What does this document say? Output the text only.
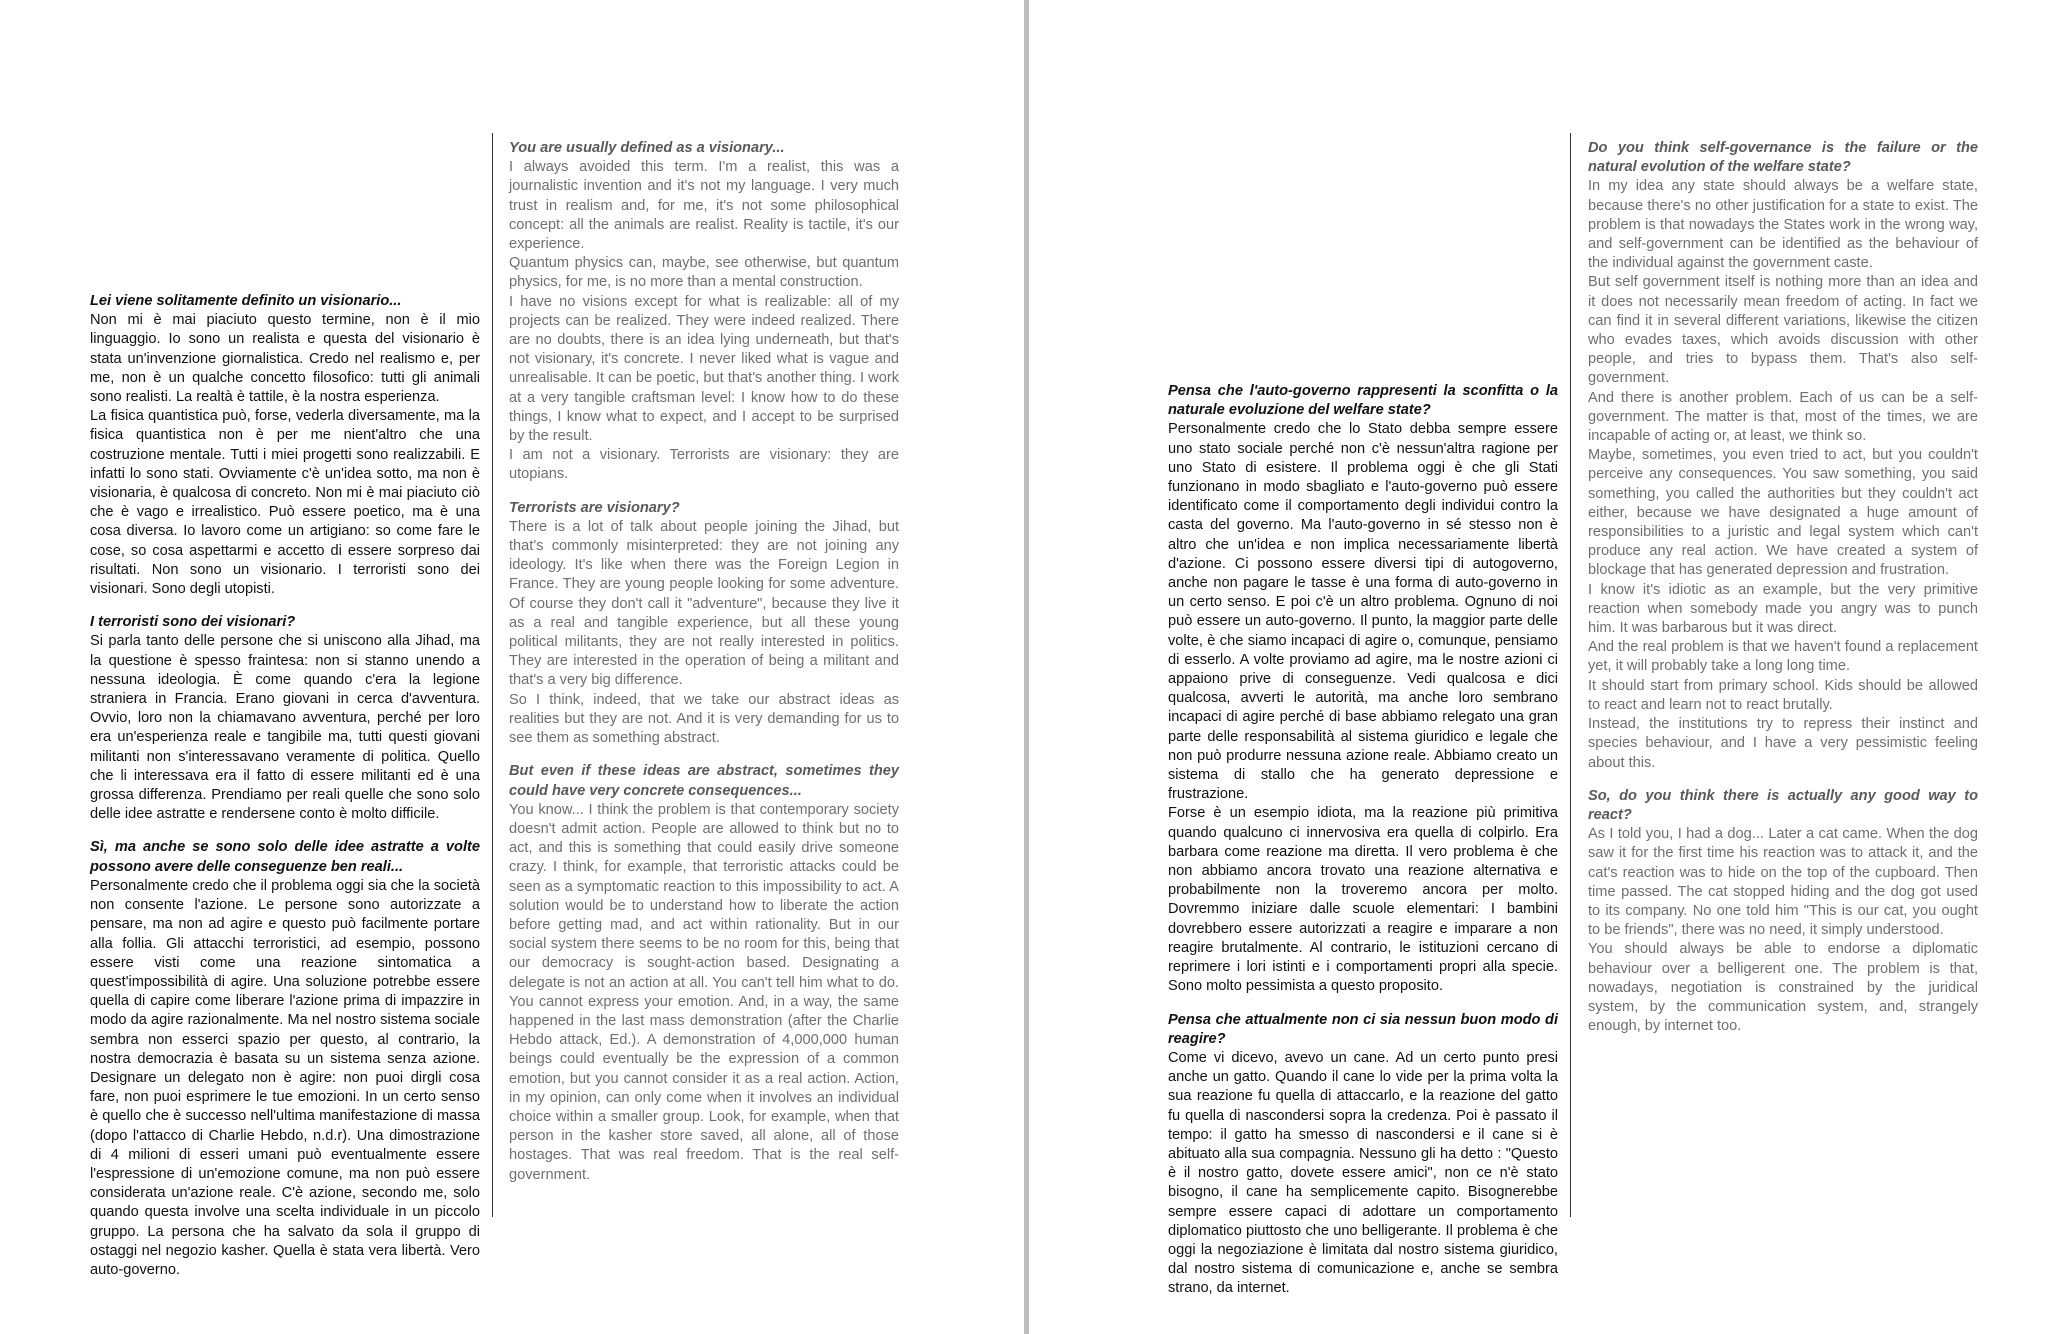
Lei viene solitamente definito un visionario...

Non mi è mai piaciuto questo termine, non è il mio linguaggio. Io sono un realista e questa del visionario è stata un'invenzione giornalistica. Credo nel realismo e, per me, non è un qualche concetto filosofico: tutti gli animali sono realisti. La realtà è tattile, è la nostra esperienza.

La fisica quantistica può, forse, vederla diversamente, ma la fisica quantistica non è per me nient'altro che una costruzione mentale. Tutti i miei progetti sono realizzabili. E infatti lo sono stati. Ovviamente c'è un'idea sotto, ma non è visionaria, è qualcosa di concreto. Non mi è mai piaciuto ciò che è vago e irrealistico. Può essere poetico, ma è una cosa diversa. Io lavoro come un artigiano: so come fare le cose, so cosa aspettarmi e accetto di essere sorpreso dai risultati. Non sono un visionario. I terroristi sono dei visionari. Sono degli utopisti.

I terroristi sono dei visionari?

Si parla tanto delle persone che si uniscono alla Jihad, ma la questione è spesso fraintesa: non si stanno unendo a nessuna ideologia. È come quando c'era la legione straniera in Francia. Erano giovani in cerca d'avventura. Ovvio, loro non la chiamavano avventura, perché per loro era un'esperienza reale e tangibile ma, tutti questi giovani militanti non s'interessavano veramente di politica. Quello che li interessava era il fatto di essere militanti ed è una grossa differenza. Prendiamo per reali quelle che sono solo delle idee astratte e rendersene conto è molto difficile.

Sì, ma anche se sono solo delle idee astratte a volte possono avere delle conseguenze ben reali...

Personalmente credo che il problema oggi sia che la società non consente l'azione. Le persone sono autorizzate a pensare, ma non ad agire e questo può facilmente portare alla follia. Gli attacchi terroristici, ad esempio, possono essere visti come una reazione sintomatica a quest'impossibilità di agire. Una soluzione potrebbe essere quella di capire come liberare l'azione prima di impazzire in modo da agire razionalmente. Ma nel nostro sistema sociale sembra non esserci spazio per questo, al contrario, la nostra democrazia è basata su un sistema senza azione. Designare un delegato non è agire: non puoi dirgli cosa fare, non puoi esprimere le tue emozioni. In un certo senso è quello che è successo nell'ultima manifestazione di massa (dopo l'attacco di Charlie Hebdo, n.d.r). Una dimostrazione di 4 milioni di esseri umani può eventualmente essere l'espressione di un'emozione comune, ma non può essere considerata un'azione reale. C'è azione, secondo me, solo quando questa involve una scelta individuale in un piccolo gruppo. La persona che ha salvato da sola il gruppo di ostaggi nel negozio kasher. Quella è stata vera libertà. Vero auto-governo.

You are usually defined as a visionary...

I always avoided this term. I'm a realist, this was a journalistic invention and it's not my language. I very much trust in realism and, for me, it's not some philosophical concept: all the animals are realist. Reality is tactile, it's our experience.

Quantum physics can, maybe, see otherwise, but quantum physics, for me, is no more than a mental construction.

I have no visions except for what is realizable: all of my projects can be realized. They were indeed realized. There are no doubts, there is an idea lying underneath, but that's not visionary, it's concrete. I never liked what is vague and unrealisable. It can be poetic, but that's another thing. I work at a very tangible craftsman level: I know how to do these things, I know what to expect, and I accept to be surprised by the result.

I am not a visionary. Terrorists are visionary: they are utopians.

Terrorists are visionary?

There is a lot of talk about people joining the Jihad, but that's commonly misinterpreted: they are not joining any ideology. It's like when there was the Foreign Legion in France. They are young people looking for some adventure. Of course they don't call it "adventure", because they live it as a real and tangible experience, but all these young political militants, they are not really interested in politics. They are interested in the operation of being a militant and that's a very big difference.

So I think, indeed, that we take our abstract ideas as realities but they are not. And it is very demanding for us to see them as something abstract.

But even if these ideas are abstract, sometimes they could have very concrete consequences...

You know... I think the problem is that contemporary society doesn't admit action. People are allowed to think but no to act, and this is something that could easily drive someone crazy. I think, for example, that terroristic attacks could be seen as a symptomatic reaction to this impossibility to act. A solution would be to understand how to liberate the action before getting mad, and act within rationality. But in our social system there seems to be no room for this, being that our democracy is sought-action based. Designating a delegate is not an action at all. You can't tell him what to do. You cannot express your emotion. And, in a way, the same happened in the last mass demonstration (after the Charlie Hebdo attack, Ed.). A demonstration of 4,000,000 human beings could eventually be the expression of a common emotion, but you cannot consider it as a real action. Action, in my opinion, can only come when it involves an individual choice within a smaller group. Look, for example, when that person in the kasher store saved, all alone, all of those hostages. That was real freedom. That is the real self-government.

Pensa che l'auto-governo rappresenti la sconfitta o la naturale evoluzione del welfare state?

Personalmente credo che lo Stato debba sempre essere uno stato sociale perché non c'è nessun'altra ragione per uno Stato di esistere. Il problema oggi è che gli Stati funzionano in modo sbagliato e l'auto-governo può essere identificato come il comportamento degli individui contro la casta del governo. Ma l'auto-governo in sé stesso non è altro che un'idea e non implica necessariamente libertà d'azione. Ci possono essere diversi tipi di autogoverno, anche non pagare le tasse è una forma di auto-governo in un certo senso. E poi c'è un altro problema. Ognuno di noi può essere un auto-governo. Il punto, la maggior parte delle volte, è che siamo incapaci di agire o, comunque, pensiamo di esserlo. A volte proviamo ad agire, ma le nostre azioni ci appaiono prive di conseguenze. Vedi qualcosa e dici qualcosa, avverti le autorità, ma anche loro sembrano incapaci di agire perché di base abbiamo relegato una gran parte delle responsabilità al sistema giuridico e legale che non può produrre nessuna azione reale. Abbiamo creato un sistema di stallo che ha generato depressione e frustrazione.

Forse è un esempio idiota, ma la reazione più primitiva quando qualcuno ci innervosiva era quella di colpirlo. Era barbara come reazione ma diretta. Il vero problema è che non abbiamo ancora trovato una reazione alternativa e probabilmente non la troveremo ancora per molto. Dovremmo iniziare dalle scuole elementari: I bambini dovrebbero essere autorizzati a reagire e imparare a non reagire brutalmente. Al contrario, le istituzioni cercano di reprimere i lori istinti e i comportamenti propri alla specie. Sono molto pessimista a questo proposito.

Pensa che attualmente non ci sia nessun buon modo di reagire?

Come vi dicevo, avevo un cane. Ad un certo punto presi anche un gatto. Quando il cane lo vide per la prima volta la sua reazione fu quella di attaccarlo, e la reazione del gatto fu quella di nascondersi sopra la credenza. Poi è passato il tempo: il gatto ha smesso di nascondersi e il cane si è abituato alla sua compagnia. Nessuno gli ha detto : "Questo è il nostro gatto, dovete essere amici", non ce n'è stato bisogno, il cane ha semplicemente capito. Bisognerebbe sempre essere capaci di adottare un comportamento diplomatico piuttosto che uno belligerante. Il problema è che oggi la negoziazione è limitata dal nostro sistema giuridico, dal nostro sistema di comunicazione e, anche se sembra strano, da internet.

Do you think self-governance is the failure or the natural evolution of the welfare state?

In my idea any state should always be a welfare state, because there's no other justification for a state to exist. The problem is that nowadays the States work in the wrong way, and self-government can be identified as the behaviour of the individual against the government caste.

But self government itself is nothing more than an idea and it does not necessarily mean freedom of acting. In fact we can find it in several different variations, likewise the citizen who evades taxes, which avoids discussion with other people, and tries to bypass them. That's also self-government.

And there is another problem. Each of us can be a self-government. The matter is that, most of the times, we are incapable of acting or, at least, we think so.

Maybe, sometimes, you even tried to act, but you couldn't perceive any consequences. You saw something, you said something, you called the authorities but they couldn't act either, because we have designated a huge amount of responsibilities to a juristic and legal system which can't produce any real action. We have created a system of blockage that has generated depression and frustration.

I know it's idiotic as an example, but the very primitive reaction when somebody made you angry was to punch him. It was barbarous but it was direct.

And the real problem is that we haven't found a replacement yet, it will probably take a long long time.

It should start from primary school. Kids should be allowed to react and learn not to react brutally.

Instead, the institutions try to repress their instinct and species behaviour, and I have a very pessimistic feeling about this.

So, do you think there is actually any good way to react?

As I told you, I had a dog... Later a cat came. When the dog saw it for the first time his reaction was to attack it, and the cat's reaction was to hide on the top of the cupboard. Then time passed. The cat stopped hiding and the dog got used to its company. No one told him "This is our cat, you ought to be friends", there was no need, it simply understood.

You should always be able to endorse a diplomatic behaviour over a belligerent one. The problem is that, nowadays, negotiation is constrained by the juridical system, by the communication system, and, strangely enough, by internet too.
